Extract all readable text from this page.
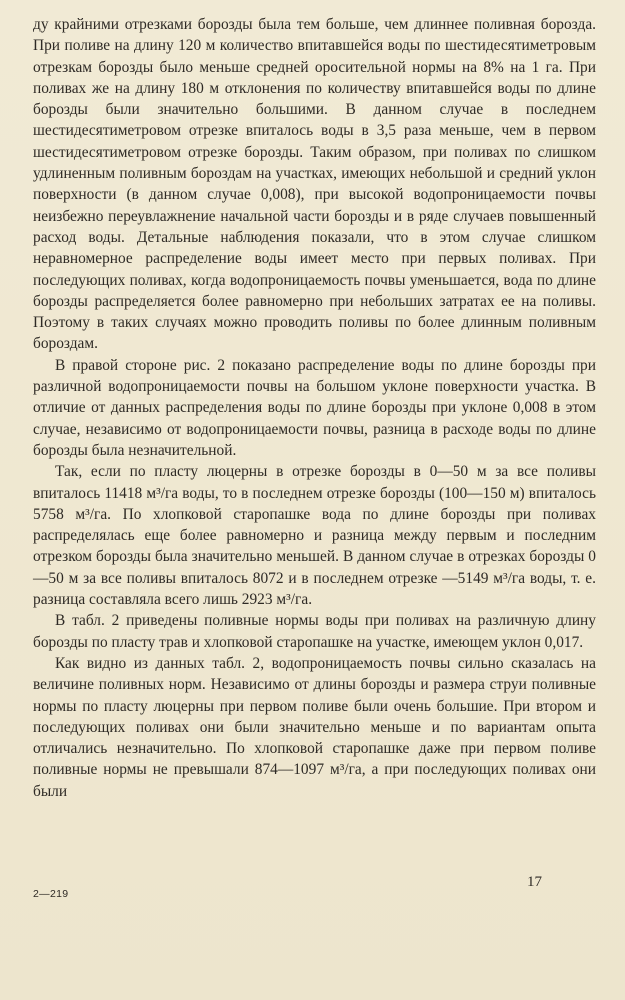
ду крайними отрезками борозды была тем больше, чем длиннее поливная борозда. При поливе на длину 120 м количество впитавшейся воды по шестидесятиметровым отрезкам борозды было меньше средней оросительной нормы на 8% на 1 га. При поливах же на длину 180 м отклонения по количеству впитавшейся воды по длине борозды были значительно большими. В данном случае в последнем шестидесятиметровом отрезке впиталось воды в 3,5 раза меньше, чем в первом шестидесятиметровом отрезке борозды. Таким образом, при поливах по слишком удлиненным поливным бороздам на участках, имеющих небольшой и средний уклон поверхности (в данном случае 0,008), при высокой водопроницаемости почвы неизбежно переувлажнение начальной части борозды и в ряде случаев повышенный расход воды. Детальные наблюдения показали, что в этом случае слишком неравномерное распределение воды имеет место при первых поливах. При последующих поливах, когда водопроницаемость почвы уменьшается, вода по длине борозды распределяется более равномерно при небольших затратах ее на поливы. Поэтому в таких случаях можно проводить поливы по более длинным поливным бороздам.

В правой стороне рис. 2 показано распределение воды по длине борозды при различной водопроницаемости почвы на большом уклоне поверхности участка. В отличие от данных распределения воды по длине борозды при уклоне 0,008 в этом случае, независимо от водопроницаемости почвы, разница в расходе воды по длине борозды была незначительной.

Так, если по пласту люцерны в отрезке борозды в 0—50 м за все поливы впиталось 11418 м³/га воды, то в последнем отрезке борозды (100—150 м) впиталось 5758 м³/га. По хлопковой старопашке вода по длине борозды при поливах распределялась еще более равномерно и разница между первым и последним отрезком борозды была значительно меньшей. В данном случае в отрезках борозды 0—50 м за все поливы впиталось 8072 и в последнем отрезке —5149 м³/га воды, т. е. разница составляла всего лишь 2923 м³/га.

В табл. 2 приведены поливные нормы воды при поливах на различную длину борозды по пласту трав и хлопковой старопашке на участке, имеющем уклон 0,017.

Как видно из данных табл. 2, водопроницаемость почвы сильно сказалась на величине поливных норм. Независимо от длины борозды и размера струи поливные нормы по пласту люцерны при первом поливе были очень большие. При втором и последующих поливах они были значительно меньше и по вариантам опыта отличались незначительно. По хлопковой старопашке даже при первом поливе поливные нормы не превышали 874—1097 м³/га, а при последующих поливах они были

2—219
17
